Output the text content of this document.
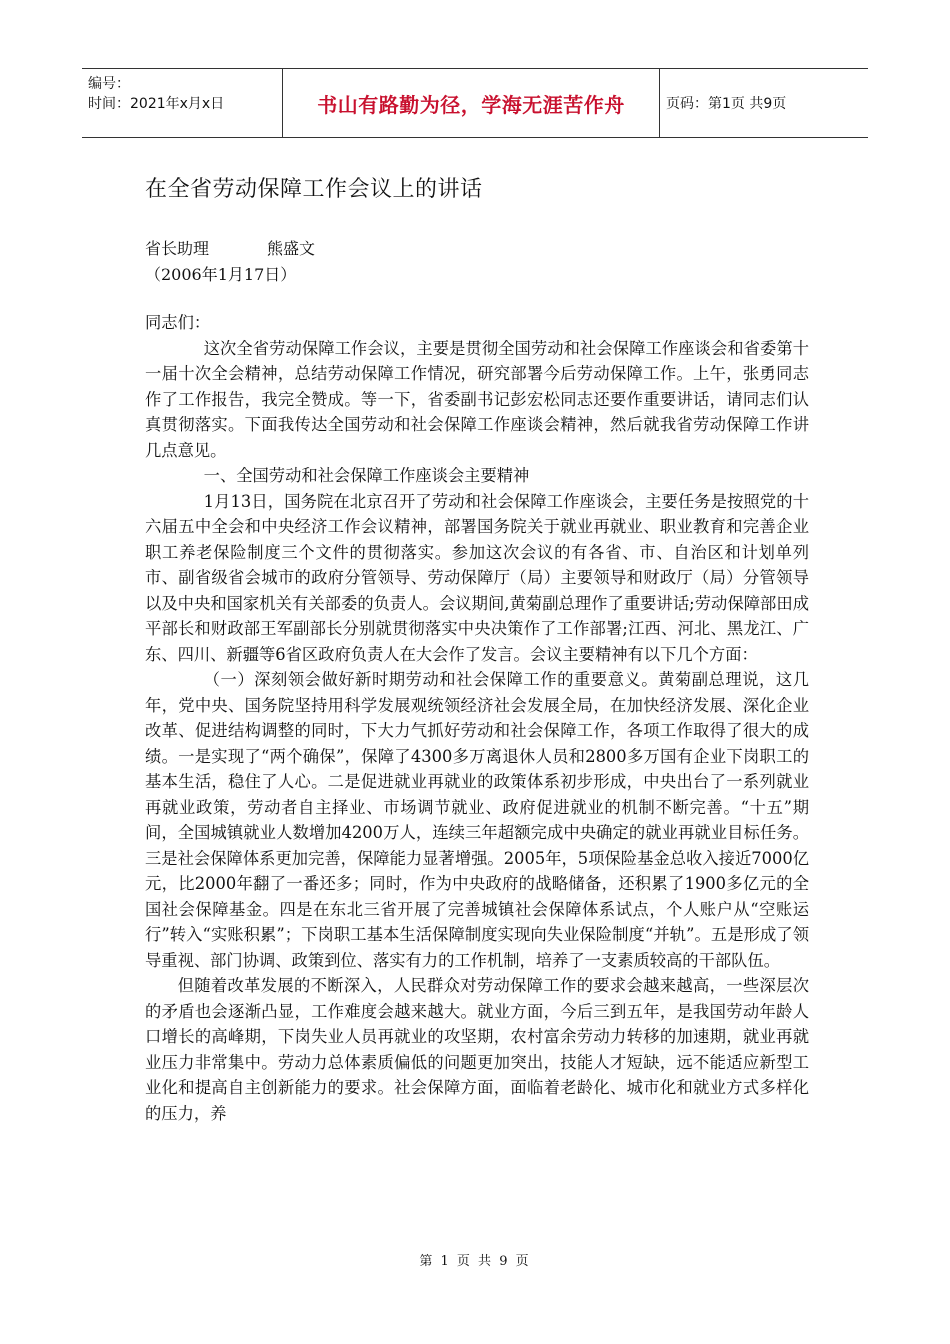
编号：
时间：2021年x月x日	书山有路勤为径，学海无涯苦作舟	页码：第1页 共9页
在全省劳动保障工作会议上的讲话
省长助理	熊盛文
（2006年1月17日）

同志们：

这次全省劳动保障工作会议，主要是贯彻全国劳动和社会保障工作座谈会和省委第十一届十次全会精神，总结劳动保障工作情况，研究部署今后劳动保障工作。上午，张勇同志作了工作报告，我完全赞成。等一下，省委副书记彭宏松同志还要作重要讲话，请同志们认真贯彻落实。下面我传达全国劳动和社会保障工作座谈会精神，然后就我省劳动保障工作讲几点意见。

一、全国劳动和社会保障工作座谈会主要精神

1月13日，国务院在北京召开了劳动和社会保障工作座谈会，主要任务是按照党的十六届五中全会和中央经济工作会议精神，部署国务院关于就业再就业、职业教育和完善企业职工养老保险制度三个文件的贯彻落实。参加这次会议的有各省、市、自治区和计划单列市、副省级省会城市的政府分管领导、劳动保障厅（局）主要领导和财政厅（局）分管领导以及中央和国家机关有关部委的负责人。会议期间,黄菊副总理作了重要讲话;劳动保障部田成平部长和财政部王军副部长分别就贯彻落实中央决策作了工作部署;江西、河北、黑龙江、广东、四川、新疆等6省区政府负责人在大会作了发言。会议主要精神有以下几个方面：

（一）深刻领会做好新时期劳动和社会保障工作的重要意义。黄菊副总理说，这几年，党中央、国务院坚持用科学发展观统领经济社会发展全局，在加快经济发展、深化企业改革、促进结构调整的同时，下大力气抓好劳动和社会保障工作，各项工作取得了很大的成绩。一是实现了“两个确保”，保障了4300多万离退休人员和2800多万国有企业下岗职工的基本生活，稳住了人心。二是促进就业再就业的政策体系初步形成，中央出台了一系列就业再就业政策，劳动者自主择业、市场调节就业、政府促进就业的机制不断完善。“十五”期间，全国城镇就业人数增加4200万人，连续三年超额完成中央确定的就业再就业目标任务。三是社会保障体系更加完善，保障能力显著增强。2005年，5项保险基金总收入接近7000亿元，比2000年翻了一番还多；同时，作为中央政府的战略储备，还积累了1900多亿元的全国社会保障基金。四是在东北三省开展了完善城镇社会保障体系试点，个人账户从“空账运行”转入“实账积累”；下岗职工基本生活保障制度实现向失业保险制度“并轨”。五是形成了领导重视、部门协调、政策到位、落实有力的工作机制，培养了一支素质较高的干部队伍。

但随着改革发展的不断深入，人民群众对劳动保障工作的要求会越来越高，一些深层次的矛盾也会逐渐凸显，工作难度会越来越大。就业方面，今后三到五年，是我国劳动年龄人口增长的高峰期，下岗失业人员再就业的攻坚期，农村富余劳动力转移的加速期，就业再就业压力非常集中。劳动力总体素质偏低的问题更加突出，技能人才短缺，远不能适应新型工业化和提高自主创新能力的要求。社会保障方面，面临着老龄化、城市化和就业方式多样化的压力，养

第 1 页 共 9 页
